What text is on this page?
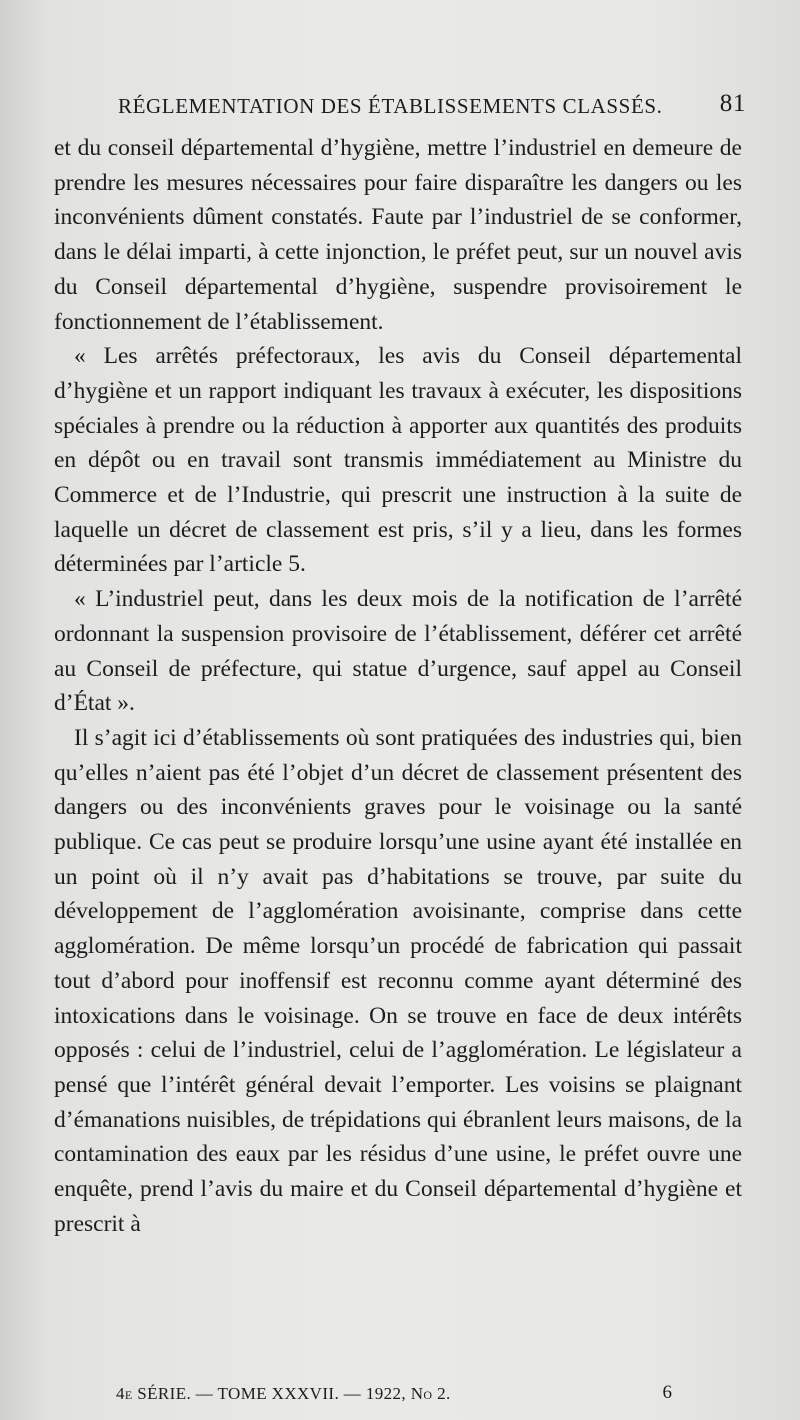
RÉGLEMENTATION DES ÉTABLISSEMENTS CLASSÉS. 81

et du conseil départemental d’hygiène, mettre l’industriel en demeure de prendre les mesures nécessaires pour faire disparaître les dangers ou les inconvénients dûment constatés. Faute par l’industriel de se conformer, dans le délai imparti, à cette injonction, le préfet peut, sur un nouvel avis du Conseil départemental d’hygiène, suspendre provisoirement le fonctionnement de l’établissement.

« Les arrêtés préfectoraux, les avis du Conseil départemental d’hygiène et un rapport indiquant les travaux à exécuter, les dispositions spéciales à prendre ou la réduction à apporter aux quantités des produits en dépôt ou en travail sont transmis immédiatement au Ministre du Commerce et de l’Industrie, qui prescrit une instruction à la suite de laquelle un décret de classement est pris, s’il y a lieu, dans les formes déterminées par l’article 5.

« L’industriel peut, dans les deux mois de la notification de l’arrêté ordonnant la suspension provisoire de l’établissement, déférer cet arrêté au Conseil de préfecture, qui statue d’urgence, sauf appel au Conseil d’État ».

Il s’agit ici d’établissements où sont pratiquées des industries qui, bien qu’elles n’aient pas été l’objet d’un décret de classement présentent des dangers ou des inconvénients graves pour le voisinage ou la santé publique. Ce cas peut se produire lorsqu’une usine ayant été installée en un point où il n’y avait pas d’habitations se trouve, par suite du développement de l’agglomération avoisinante, comprise dans cette agglomération. De même lorsqu’un procédé de fabrication qui passait tout d’abord pour inoffensif est reconnu comme ayant déterminé des intoxications dans le voisinage. On se trouve en face de deux intérêts opposés : celui de l’industriel, celui de l’agglomération. Le législateur a pensé que l’intérêt général devait l’emporter. Les voisins se plaignant d’émanations nuisibles, de trépidations qui ébranlent leurs maisons, de la contamination des eaux par les résidus d’une usine, le préfet ouvre une enquête, prend l’avis du maire et du Conseil départemental d’hygiène et prescrit à

4e SÉRIE. — TOME XXXVII. — 1922, No 2.	6
